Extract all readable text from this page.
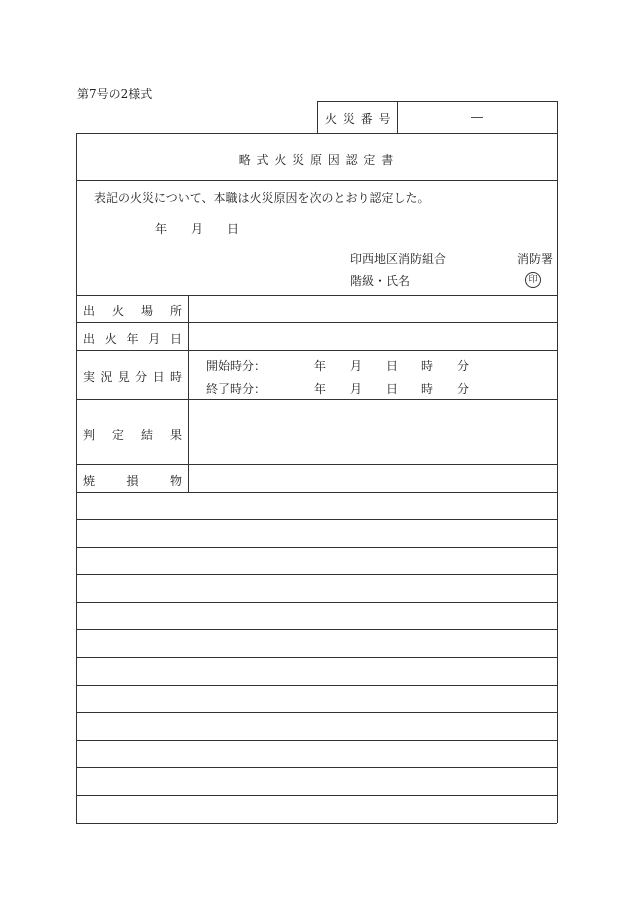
第7号の2様式
火 災 番 号	―
略 式 火 災 原 因 認 定 書
表記の火災について、本職は火災原因を次のとおり認定した。
年 月 日
印西地区消防組合	消防署
階級・氏名	印
出 火 場 所
出 火 年 月 日
実 況 見 分 日 時
開始時分：	年 月 日 時 分
終了時分：	年 月 日 時 分
判 定 結 果
焼	損	物
